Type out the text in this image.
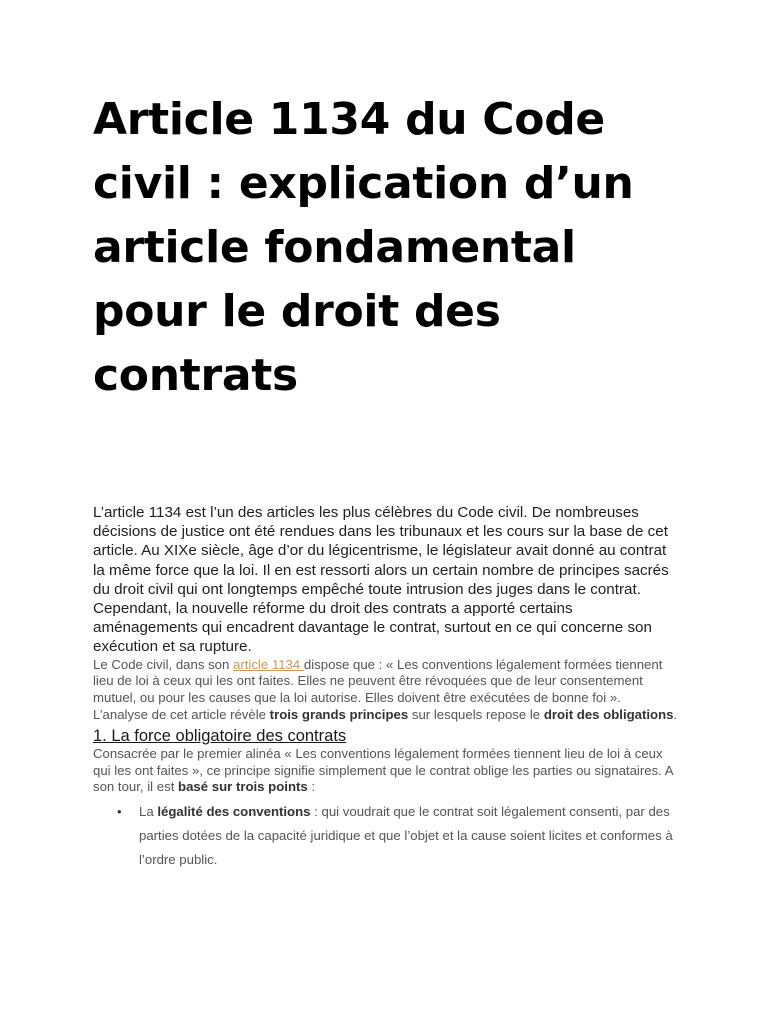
Article 1134 du Code civil : explication d’un article fondamental pour le droit des contrats

L’article 1134 est l’un des articles les plus célèbres du Code civil. De nombreuses décisions de justice ont été rendues dans les tribunaux et les cours sur la base de cet article. Au XIXe siècle, âge d’or du légicentrisme, le législateur avait donné au contrat la même force que la loi. Il en est ressorti alors un certain nombre de principes sacrés du droit civil qui ont longtemps empêché toute intrusion des juges dans le contrat. Cependant, la nouvelle réforme du droit des contrats a apporté certains aménagements qui encadrent davantage le contrat, surtout en ce qui concerne son exécution et sa rupture.

Le Code civil, dans son article 1134 dispose que : « Les conventions légalement formées tiennent lieu de loi à ceux qui les ont faites. Elles ne peuvent être révoquées que de leur consentement mutuel, ou pour les causes que la loi autorise. Elles doivent être exécutées de bonne foi ».

L’analyse de cet article révèle trois grands principes sur lesquels repose le droit des obligations.

1. La force obligatoire des contrats

Consacrée par le premier alinéa « Les conventions légalement formées tiennent lieu de loi à ceux qui les ont faites », ce principe signifie simplement que le contrat oblige les parties ou signataires. A son tour, il est basé sur trois points :

• La légalité des conventions : qui voudrait que le contrat soit légalement consenti, par des parties dotées de la capacité juridique et que l’objet et la cause soient licites et conformes à l’ordre public.
